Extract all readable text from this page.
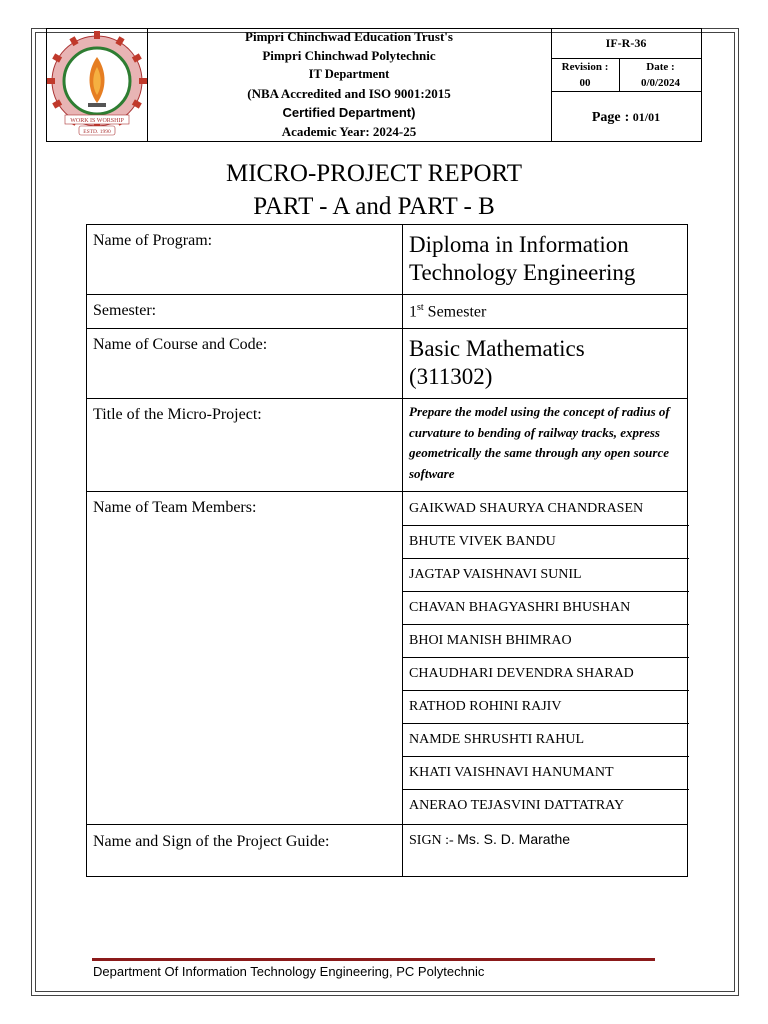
WORK IS WORSHIP
ESTD. 1990
Pimpri Chinchwad Education Trust's
Pimpri Chinchwad Polytechnic
IT Department
(NBA Accredited and ISO 9001:2015
Certified Department)
Academic Year: 2024-25
IF-R-36
Revision :
00
Date :
0/0/2024
Page : 01/01
MICRO-PROJECT REPORT
PART - A and PART - B
Name of Program:	Diploma in Information
Technology Engineering
Semester:	1st Semester
Name of Course and Code:	Basic Mathematics
(311302)
Title of the Micro-Project:	Prepare the model using the concept of radius of curvature to bending of railway tracks, express geometrically the same through any open source software
Name of Team Members:	GAIKWAD SHAURYA CHANDRASEN
BHUTE VIVEK BANDU
JAGTAP VAISHNAVI SUNIL
CHAVAN BHAGYASHRI BHUSHAN
BHOI MANISH BHIMRAO
CHAUDHARI DEVENDRA SHARAD
RATHOD ROHINI RAJIV
NAMDE SHRUSHTI RAHUL
KHATI VAISHNAVI HANUMANT
ANERAO TEJASVINI DATTATRAY
Name and Sign of the Project Guide:	SIGN :- Ms. S. D. Marathe
Department Of Information Technology Engineering, PC Polytechnic
